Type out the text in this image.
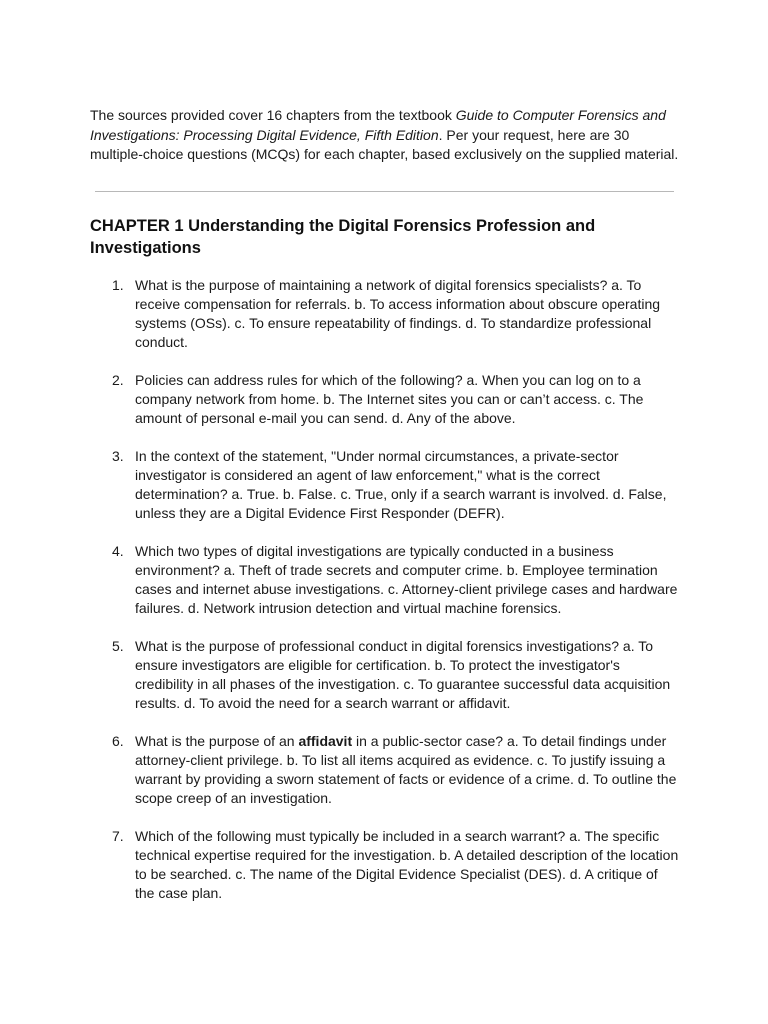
The sources provided cover 16 chapters from the textbook Guide to Computer Forensics and Investigations: Processing Digital Evidence, Fifth Edition. Per your request, here are 30 multiple-choice questions (MCQs) for each chapter, based exclusively on the supplied material.

CHAPTER 1 Understanding the Digital Forensics Profession and Investigations
1. What is the purpose of maintaining a network of digital forensics specialists? a. To receive compensation for referrals. b. To access information about obscure operating systems (OSs). c. To ensure repeatability of findings. d. To standardize professional conduct.
2. Policies can address rules for which of the following? a. When you can log on to a company network from home. b. The Internet sites you can or can’t access. c. The amount of personal e-mail you can send. d. Any of the above.
3. In the context of the statement, "Under normal circumstances, a private-sector investigator is considered an agent of law enforcement," what is the correct determination? a. True. b. False. c. True, only if a search warrant is involved. d. False, unless they are a Digital Evidence First Responder (DEFR).
4. Which two types of digital investigations are typically conducted in a business environment? a. Theft of trade secrets and computer crime. b. Employee termination cases and internet abuse investigations. c. Attorney-client privilege cases and hardware failures. d. Network intrusion detection and virtual machine forensics.
5. What is the purpose of professional conduct in digital forensics investigations? a. To ensure investigators are eligible for certification. b. To protect the investigator's credibility in all phases of the investigation. c. To guarantee successful data acquisition results. d. To avoid the need for a search warrant or affidavit.
6. What is the purpose of an affidavit in a public-sector case? a. To detail findings under attorney-client privilege. b. To list all items acquired as evidence. c. To justify issuing a warrant by providing a sworn statement of facts or evidence of a crime. d. To outline the scope creep of an investigation.
7. Which of the following must typically be included in a search warrant? a. The specific technical expertise required for the investigation. b. A detailed description of the location to be searched. c. The name of the Digital Evidence Specialist (DES). d. A critique of the case plan.
